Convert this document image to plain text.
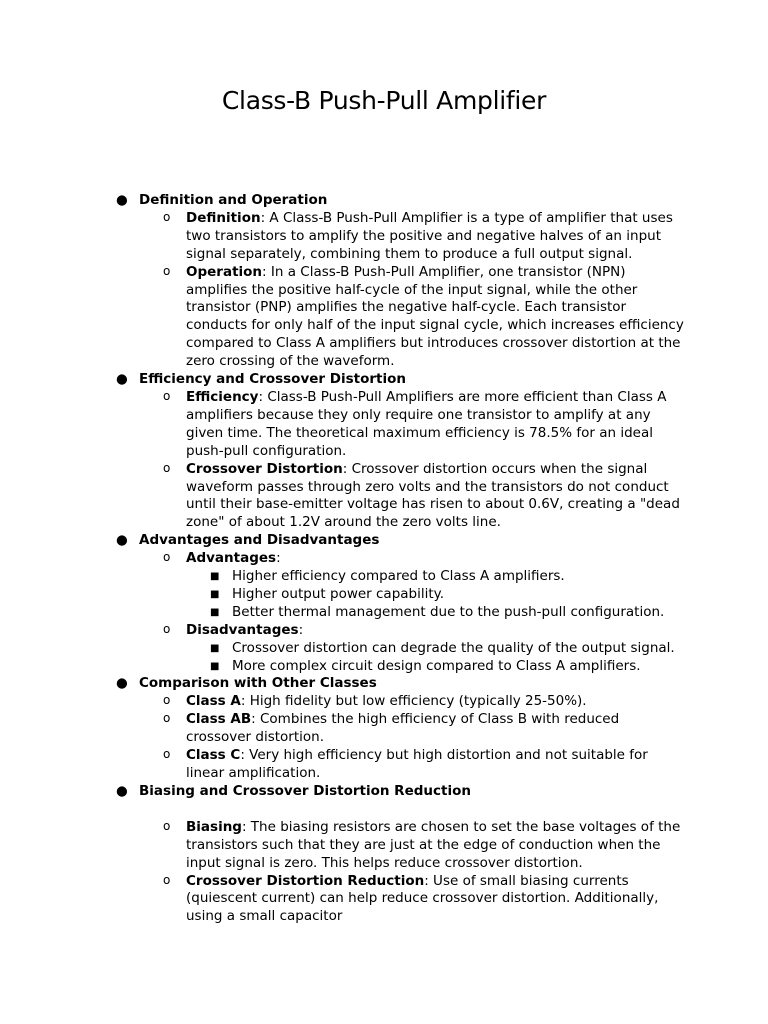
Class-B Push-Pull Amplifier
● Definition and Operation
o Definition: A Class-B Push-Pull Amplifier is a type of amplifier that uses two transistors to amplify the positive and negative halves of an input signal separately, combining them to produce a full output signal.
o Operation: In a Class-B Push-Pull Amplifier, one transistor (NPN) amplifies the positive half-cycle of the input signal, while the other transistor (PNP) amplifies the negative half-cycle. Each transistor conducts for only half of the input signal cycle, which increases efficiency compared to Class A amplifiers but introduces crossover distortion at the zero crossing of the waveform.
● Efficiency and Crossover Distortion
o Efficiency: Class-B Push-Pull Amplifiers are more efficient than Class A amplifiers because they only require one transistor to amplify at any given time. The theoretical maximum efficiency is 78.5% for an ideal push-pull configuration.
o Crossover Distortion: Crossover distortion occurs when the signal waveform passes through zero volts and the transistors do not conduct until their base-emitter voltage has risen to about 0.6V, creating a "dead zone" of about 1.2V around the zero volts line.
● Advantages and Disadvantages
o Advantages:
■ Higher efficiency compared to Class A amplifiers.
■ Higher output power capability.
■ Better thermal management due to the push-pull configuration.
o Disadvantages:
■ Crossover distortion can degrade the quality of the output signal.
■ More complex circuit design compared to Class A amplifiers.
● Comparison with Other Classes
o Class A: High fidelity but low efficiency (typically 25-50%).
o Class AB: Combines the high efficiency of Class B with reduced crossover distortion.
o Class C: Very high efficiency but high distortion and not suitable for linear amplification.
● Biasing and Crossover Distortion Reduction
o Biasing: The biasing resistors are chosen to set the base voltages of the transistors such that they are just at the edge of conduction when the input signal is zero. This helps reduce crossover distortion.
o Crossover Distortion Reduction: Use of small biasing currents (quiescent current) can help reduce crossover distortion. Additionally, using a small capacitor
